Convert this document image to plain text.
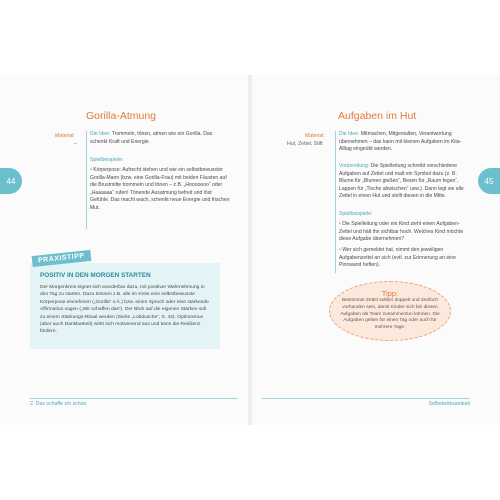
44	45
Gorilla-Atmung
Material:
–
Die Idee: Trommeln, tönen, atmen wie ein Gorilla. Das schenkt Kraft und Energie.
Spielbeispiele:
• Körperpose: Aufrecht stehen und wie ein selbstbewusster Gorilla-Mann (bzw. eine Gorilla-Frau) mit beiden Fäusten auf die Brustmitte trommeln und tönen – z.B. „Hooooooo“ oder „Haaaaaa“ rufen! Tönende Ausatmung befreit und löst Gefühle. Das macht wach, schenkt neue Energie und frischen Mut.
POSITIV IN DEN MORGEN STARTEN
Der Morgenkreis eignet sich wunderbar dazu, mit positiver Wahrnehmung in den Tag zu starten. Dazu können z.B. alle im Kreis eine selbstbewusste Körperpose einnehmen („Gorilla“ o.Ä.) bzw. einen Spruch oder eine stärkende Affirmation sagen („Wir schaffen das“). Der Blick auf die eigenen Stärken soll zu einem Stärkungs-Ritual werden (Siehe „Lobdusche“, S. 42). Optimismus (aber auch Dankbarkeit) wirkt sich motivierend aus und kann die Resilienz fördern.
PRAXISTIPP
Aufgaben im Hut
Material:
Hut, Zettel, Stift
Die Idee: Mitmachen, Mitgestalten, Verantwortung übernehmen – das kann mit kleinen Aufgaben im Kita-Alltag eingeübt werden.
Vorbereitung: Die Spielleitung schreibt verschiedene Aufgaben auf Zettel und malt ein Symbol dazu (z. B. Blume für „Blumen gießen“, Besen für „Raum fegen“, Lappen für „Tische abwischen“ usw.). Dann legt sie alle Zettel in einen Hut und stellt diesen in die Mitte.
Spielbeispiele:
• Die Spielleitung oder ein Kind zieht einen Aufgaben-Zettel und hält ihn sichtbar hoch. Welches Kind möchte diese Aufgabe übernehmen?
• Wer sich gemeldet hat, nimmt den jeweiligen Aufgabenzettel an sich (evtl. zur Erinnerung an eine Pinnwand heften).
Tipp:
Bestimmte Zettel sollten doppelt und dreifach vorhanden sein, damit Kinder sich bei diesen Aufgaben als Team zusammentun können. Die Aufgaben gelten für einen Tag oder auch für mehrere Tage.
2. Das schaffe ich schon	Selbstwirksamkeit
